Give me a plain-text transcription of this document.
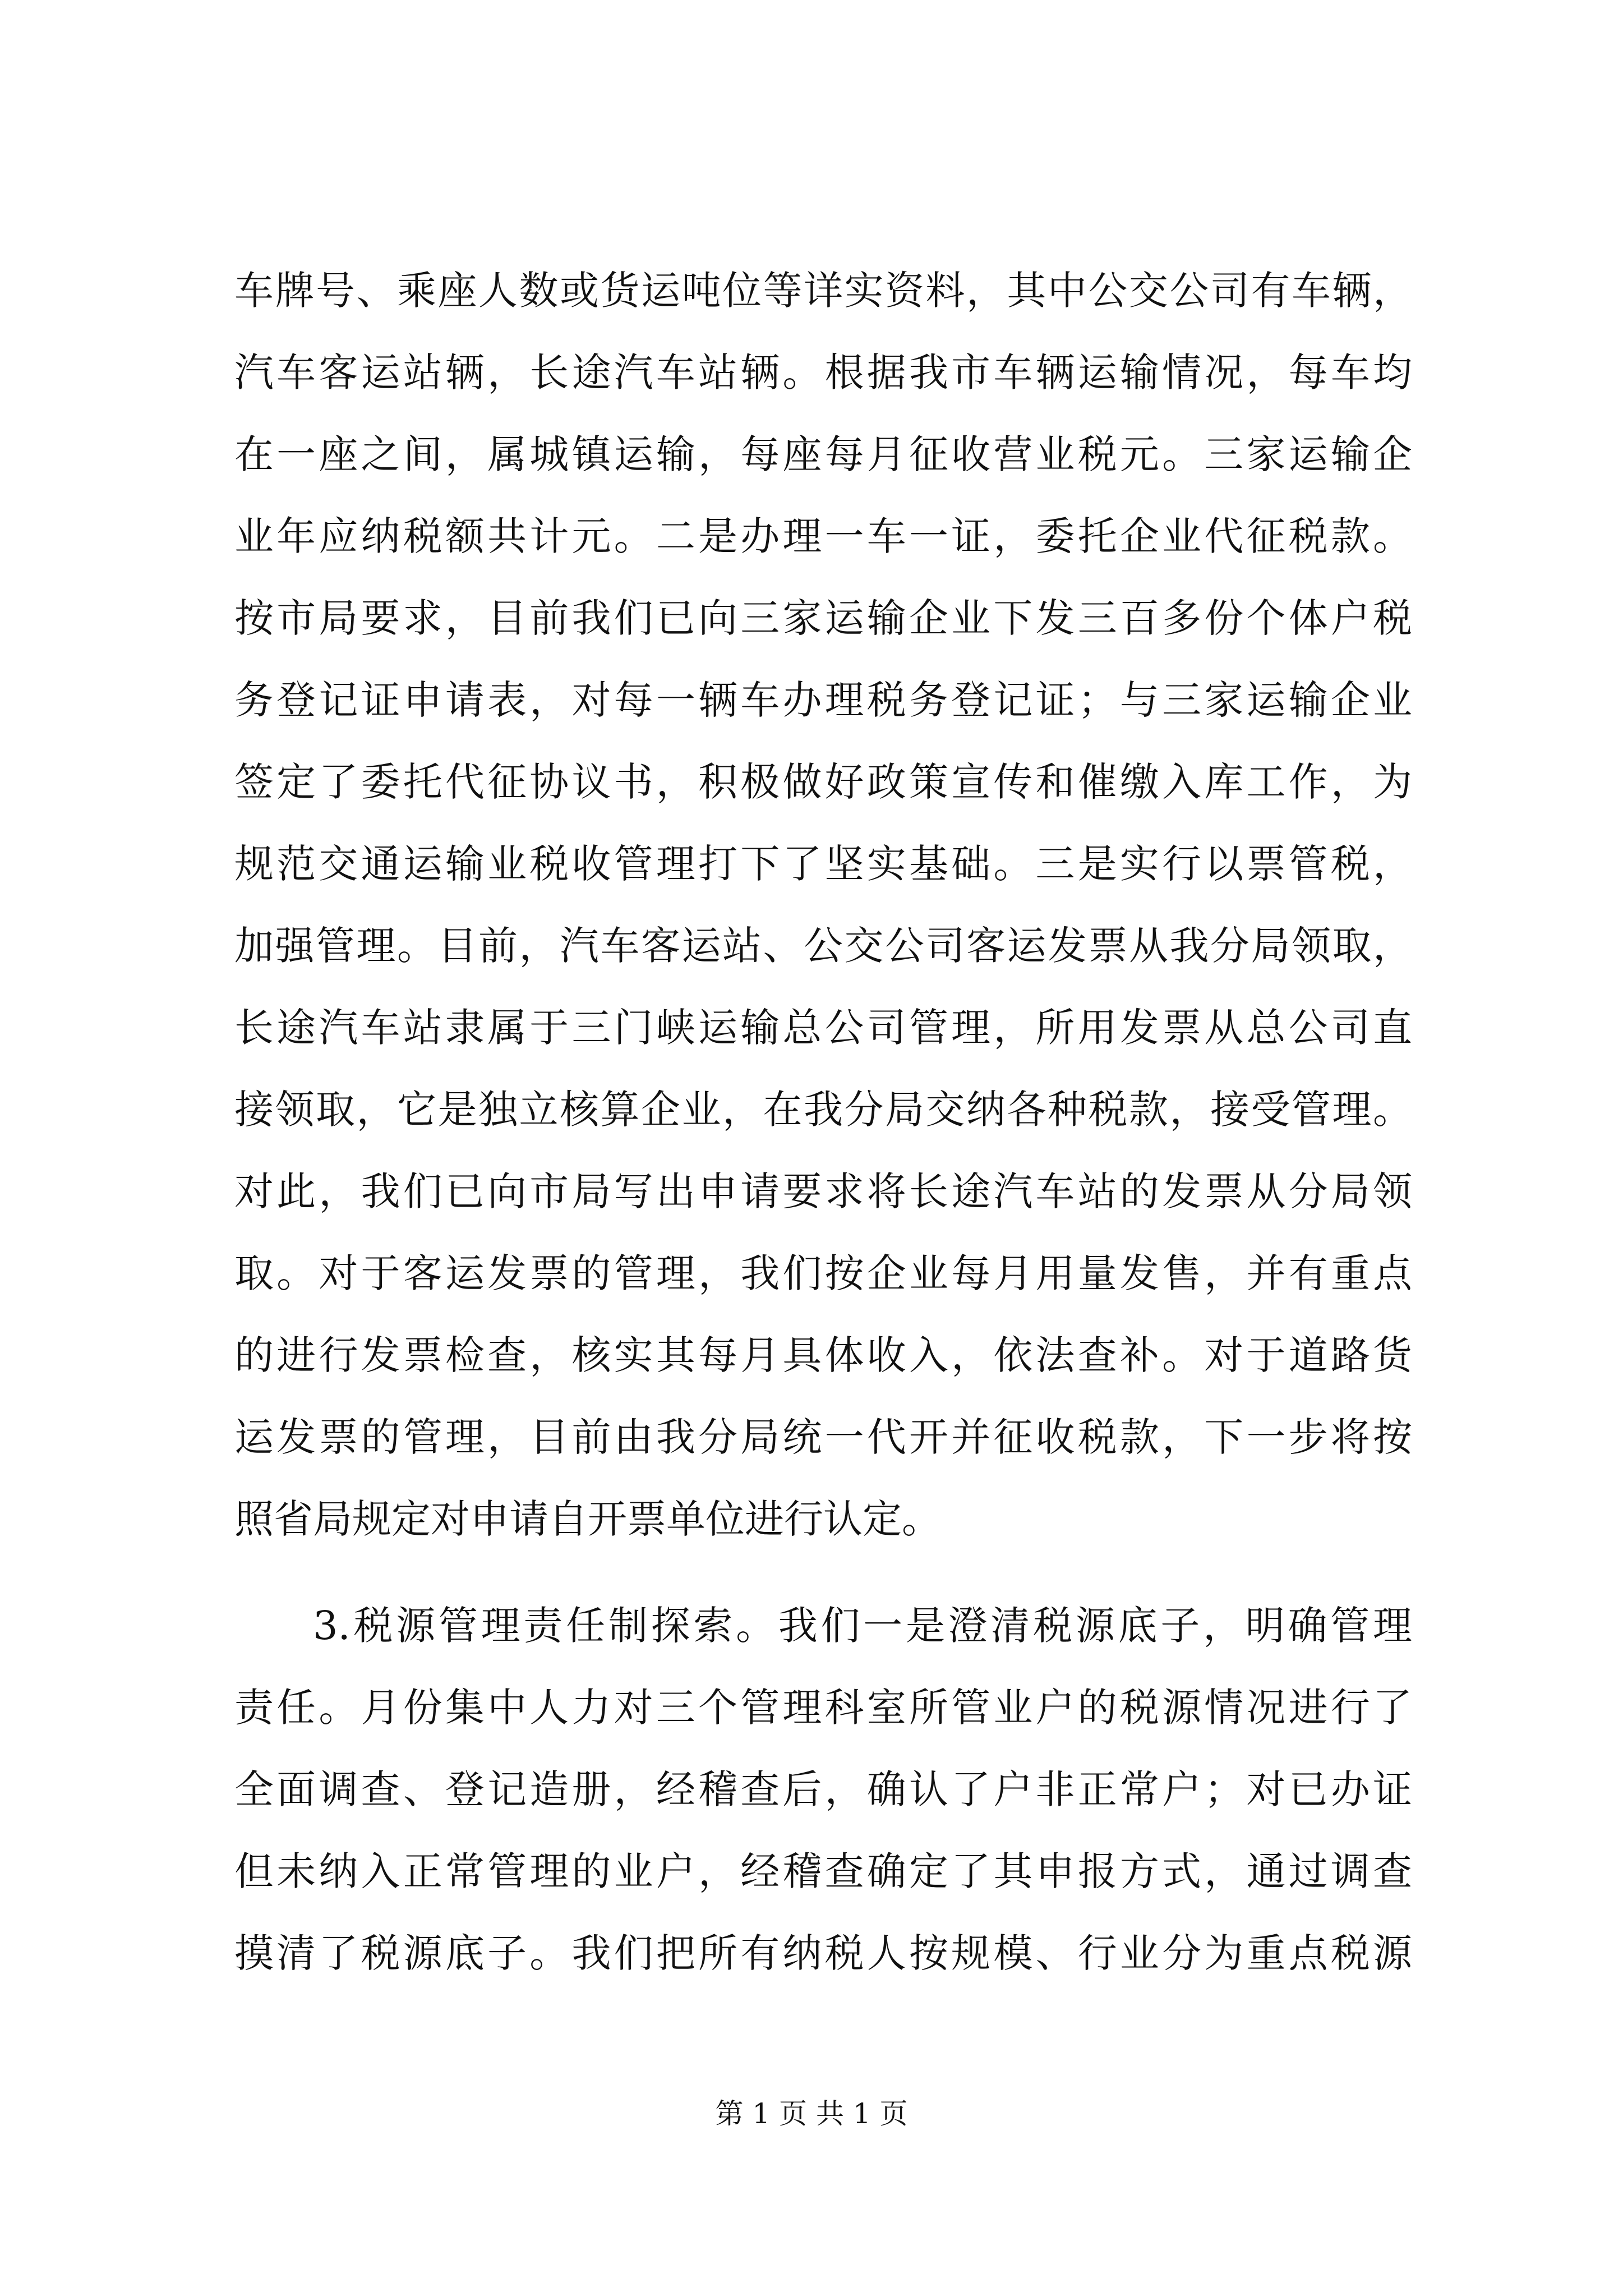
车牌号、乘座人数或货运吨位等详实资料，其中公交公司有车辆，
汽车客运站辆，长途汽车站辆。根据我市车辆运输情况，每车均
在一座之间，属城镇运输，每座每月征收营业税元。三家运输企
业年应纳税额共计元。二是办理一车一证，委托企业代征税款。
按市局要求，目前我们已向三家运输企业下发三百多份个体户税
务登记证申请表，对每一辆车办理税务登记证；与三家运输企业
签定了委托代征协议书，积极做好政策宣传和催缴入库工作，为
规范交通运输业税收管理打下了坚实基础。三是实行以票管税，
加强管理。目前，汽车客运站、公交公司客运发票从我分局领取，
长途汽车站隶属于三门峡运输总公司管理，所用发票从总公司直
接领取，它是独立核算企业，在我分局交纳各种税款，接受管理。
对此，我们已向市局写出申请要求将长途汽车站的发票从分局领
取。对于客运发票的管理，我们按企业每月用量发售，并有重点
的进行发票检查，核实其每月具体收入，依法查补。对于道路货
运发票的管理，目前由我分局统一代开并征收税款，下一步将按
照省局规定对申请自开票单位进行认定。
3.税源管理责任制探索。我们一是澄清税源底子，明确管理
责任。月份集中人力对三个管理科室所管业户的税源情况进行了
全面调查、登记造册，经稽查后，确认了户非正常户；对已办证
但未纳入正常管理的业户，经稽查确定了其申报方式，通过调查
摸清了税源底子。我们把所有纳税人按规模、行业分为重点税源
第 1 页 共 1 页
